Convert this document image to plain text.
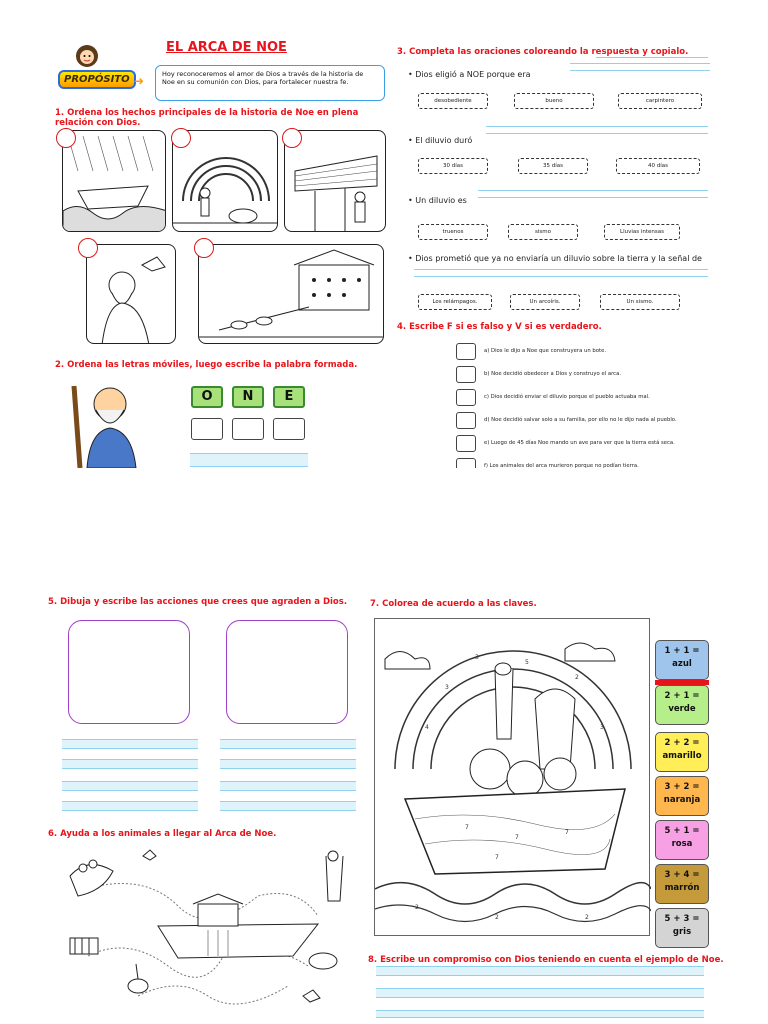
EL ARCA DE NOE
PROPÓSITO ➜	Hoy reconoceremos el amor de Dios a través de la historia de Noe en su comunión con Dios, para fortalecer nuestra fe.
1. Ordena los hechos principales de la historia de Noe en plena relación con Dios.
2. Ordena las letras móviles, luego escribe la palabra formada.
O	N	E
3. Completa las oraciones coloreando la respuesta y copialo.
• Dios eligió a NOE porque era
desobediente	bueno	carpintero
• El diluvio duró
30 días	35 días	40 días
• Un diluvio es
truenos	sismo	Lluvias intensas
• Dios prometió que ya no enviaría un diluvio sobre la tierra y la señal de
Los relámpagos.	Un arcoíris.	Un sismo.
4. Escribe F si es falso y V si es verdadero.
a) Dios le dijo a Noe que construyera un bote.
b) Noe decidió obedecer a Dios y construyo el arca.
c) Dios decidió enviar el diluvio porque el pueblo actuaba mal.
d) Noe decidió salvar solo a su familia, por ello no le dijo nada al pueblo.
e) Luego de 45 días Noe mando un ave para ver que la tierra está seca.
f) Los animales del arca murieron porque no podían tierra.
5. Dibuja y escribe las acciones que crees que agraden a Dios.
6. Ayuda a los animales a llegar al Arca de Noe.
7. Colorea de acuerdo a las claves.
3
3
5
2
4	3
7
7
7
7
2
2	2
1 + 1 =
azul
2 + 1 =
verde
2 + 2 =
amarillo
3 + 2 =
naranja
5 + 1 =
rosa
3 + 4 =
marrón
5 + 3 =
gris
8. Escribe un compromiso con Dios teniendo en cuenta el ejemplo de Noe.
